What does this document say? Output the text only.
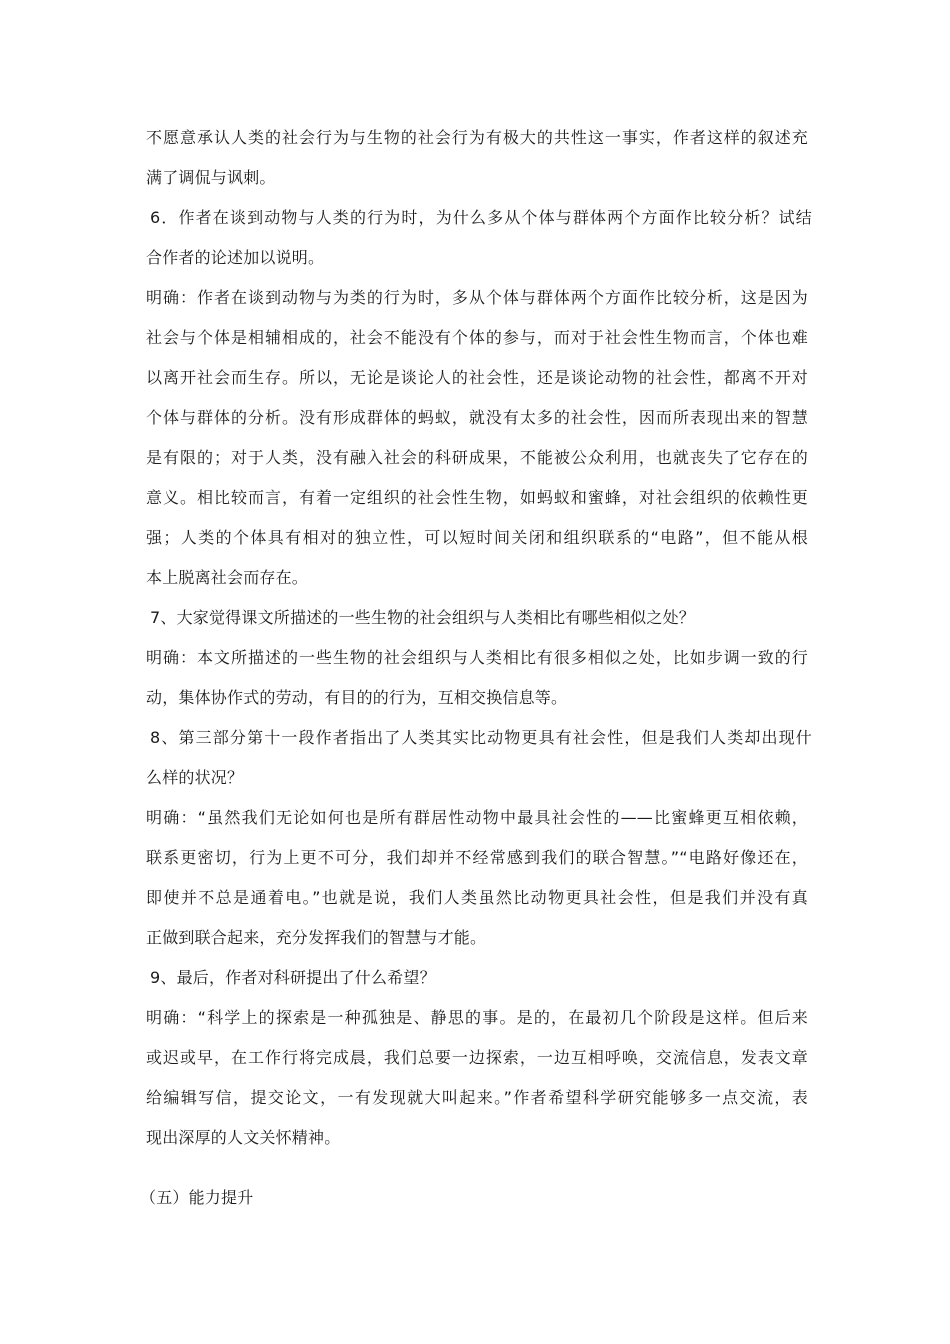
不愿意承认人类的社会行为与生物的社会行为有极大的共性这一事实，作者这样的叙述充
满了调侃与讽刺。
6．作者在谈到动物与人类的行为时，为什么多从个体与群体两个方面作比较分析？试结
合作者的论述加以说明。
明确：作者在谈到动物与为类的行为时，多从个体与群体两个方面作比较分析，这是因为
社会与个体是相辅相成的，社会不能没有个体的参与，而对于社会性生物而言，个体也难
以离开社会而生存。所以，无论是谈论人的社会性，还是谈论动物的社会性，都离不开对
个体与群体的分析。没有形成群体的蚂蚁，就没有太多的社会性，因而所表现出来的智慧
是有限的；对于人类，没有融入社会的科研成果，不能被公众利用，也就丧失了它存在的
意义。相比较而言，有着一定组织的社会性生物，如蚂蚁和蜜蜂，对社会组织的依赖性更
强；人类的个体具有相对的独立性，可以短时间关闭和组织联系的“电路”，但不能从根
本上脱离社会而存在。
7、大家觉得课文所描述的一些生物的社会组织与人类相比有哪些相似之处？
明确：本文所描述的一些生物的社会组织与人类相比有很多相似之处，比如步调一致的行
动，集体协作式的劳动，有目的的行为，互相交换信息等。
8、第三部分第十一段作者指出了人类其实比动物更具有社会性，但是我们人类却出现什
么样的状况？
明确：“虽然我们无论如何也是所有群居性动物中最具社会性的——比蜜蜂更互相依赖，
联系更密切，行为上更不可分，我们却并不经常感到我们的联合智慧。”“电路好像还在，
即使并不总是通着电。”也就是说，我们人类虽然比动物更具社会性，但是我们并没有真
正做到联合起来，充分发挥我们的智慧与才能。
9、最后，作者对科研提出了什么希望？
明确：“科学上的探索是一种孤独是、静思的事。是的，在最初几个阶段是这样。但后来
或迟或早，在工作行将完成晨，我们总要一边探索，一边互相呼唤，交流信息，发表文章
给编辑写信，提交论文，一有发现就大叫起来。”作者希望科学研究能够多一点交流，表
现出深厚的人文关怀精神。
（五）能力提升
